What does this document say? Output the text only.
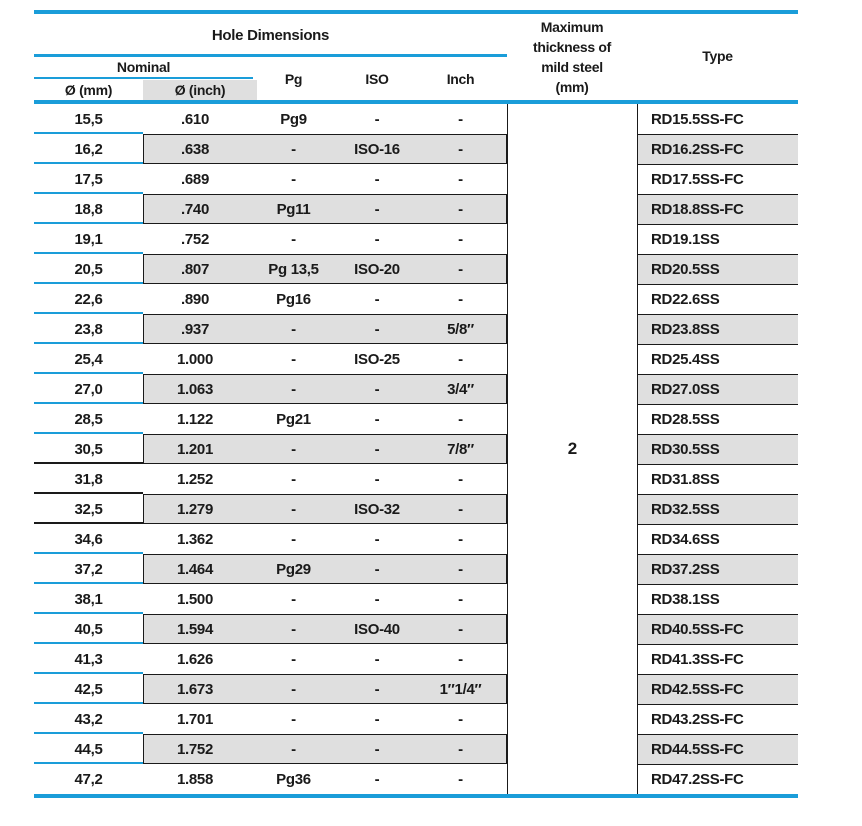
Hole Dimensions
Nominal
Ø (mm)	Ø (inch)
Pg	ISO	Inch
Maximum
thickness of
mild steel
(mm)
Type
15,5	.610	Pg9	-	-	RD15.5SS-FC
16,2	.638	-	ISO-16	-	RD16.2SS-FC
17,5	.689	-	-	-	RD17.5SS-FC
18,8	.740	Pg11	-	-	RD18.8SS-FC
19,1	.752	-	-	-	RD19.1SS
20,5	.807	Pg 13,5	ISO-20	-	RD20.5SS
22,6	.890	Pg16	-	-	RD22.6SS
23,8	.937	-	-	5/8″	RD23.8SS
25,4	1.000	-	ISO-25	-	RD25.4SS
27,0	1.063	-	-	3/4″	RD27.0SS
28,5	1.122	Pg21	-	-	RD28.5SS
30,5	1.201	-	-	7/8″	RD30.5SS
31,8	1.252	-	-	-	RD31.8SS
32,5	1.279	-	ISO-32	-	RD32.5SS
34,6	1.362	-	-	-	RD34.6SS
37,2	1.464	Pg29	-	-	RD37.2SS
38,1	1.500	-	-	-	RD38.1SS
40,5	1.594	-	ISO-40	-	RD40.5SS-FC
41,3	1.626	-	-	-	RD41.3SS-FC
42,5	1.673	-	-	1″1/4″	RD42.5SS-FC
43,2	1.701	-	-	-	RD43.2SS-FC
44,5	1.752	-	-	-	RD44.5SS-FC
47,2	1.858	Pg36	-	-	RD47.2SS-FC
2
